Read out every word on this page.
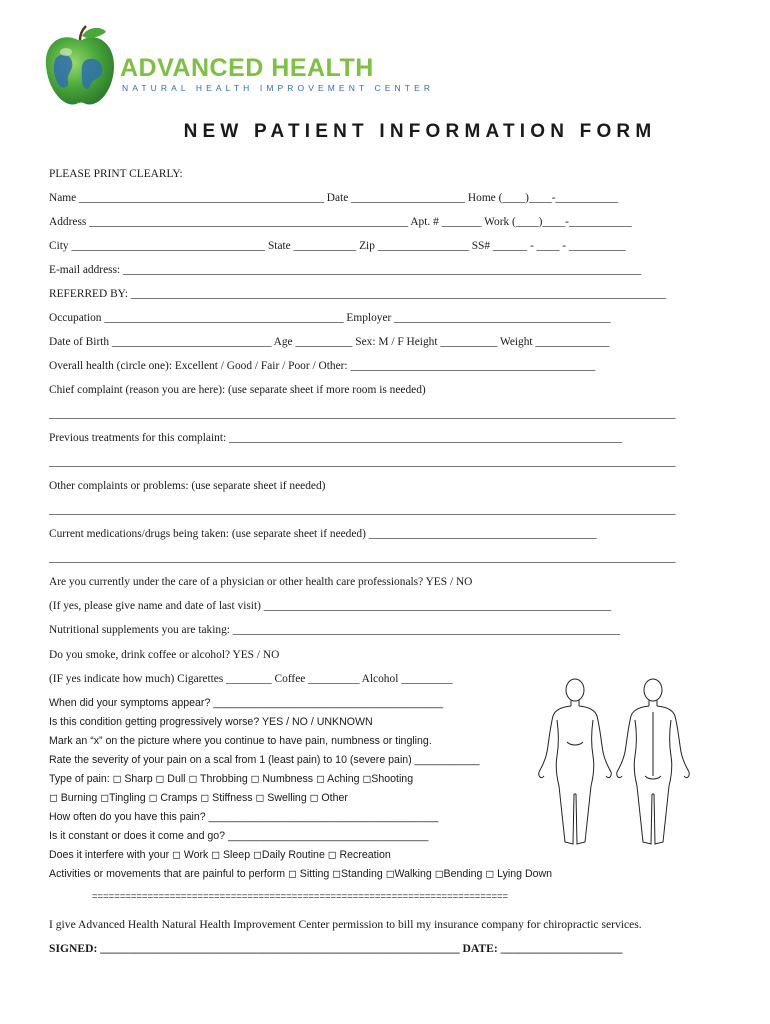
ADVANCED HEALTH
NATURAL HEALTH IMPROVEMENT CENTER
NEW PATIENT INFORMATION FORM
PLEASE PRINT CLEARLY:
Name ___________________________________________ Date ____________________ Home (____)____-___________
Address ________________________________________________________ Apt. # _______ Work (____)____-___________
City __________________________________ State ___________ Zip ________________ SS# ______ - ____ - __________
E-mail address: ___________________________________________________________________________________________
REFERRED BY: ______________________________________________________________________________________________
Occupation __________________________________________ Employer ______________________________________
Date of Birth ____________________________ Age __________ Sex: M / F Height __________ Weight _____________
Overall health (circle one): Excellent / Good / Fair / Poor / Other: ___________________________________________
Chief complaint (reason you are here): (use separate sheet if more room is needed)
______________________________________________________________________________________________________________
Previous treatments for this complaint: _____________________________________________________________________
______________________________________________________________________________________________________________
Other complaints or problems: (use separate sheet if needed)
______________________________________________________________________________________________________________
Current medications/drugs being taken: (use separate sheet if needed) ________________________________________
______________________________________________________________________________________________________________
Are you currently under the care of a physician or other health care professionals? YES / NO
(If yes, please give name and date of last visit) _____________________________________________________________
Nutritional supplements you are taking: ____________________________________________________________________
Do you smoke, drink coffee or alcohol? YES / NO
(IF yes indicate how much) Cigarettes ________ Coffee _________ Alcohol _________
When did your symptoms appear? _______________________________________
Is this condition getting progressively worse? YES / NO / UNKNOWN
Mark an “x” on the picture where you continue to have pain, numbness or tingling.
Rate the severity of your pain on a scal from 1 (least pain) to 10 (severe pain) ___________
Type of pain: ◻ Sharp ◻ Dull ◻ Throbbing ◻ Numbness ◻ Aching ◻Shooting
◻ Burning ◻Tingling ◻ Cramps ◻ Stiffness ◻ Swelling ◻ Other
How often do you have this pain? _______________________________________
Is it constant or does it come and go? __________________________________
Does it interfere with your ◻ Work ◻ Sleep ◻Daily Routine ◻ Recreation
Activities or movements that are painful to perform ◻ Sitting ◻Standing ◻Walking ◻Bending ◻ Lying Down
===========================================================================
I give Advanced Health Natural Health Improvement Center permission to bill my insurance company for chiropractic services.
SIGNED: ______________________________________________________________ DATE: _____________________
